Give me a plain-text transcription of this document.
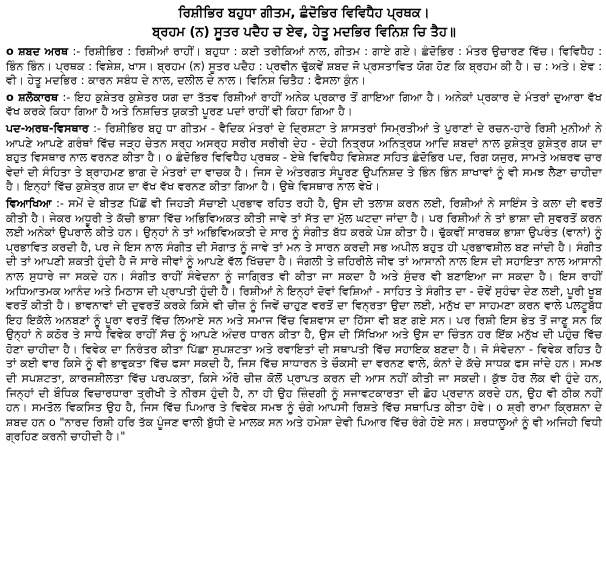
ਰਿਸ਼ੀਭਿਰ ਬਹੁਧਾ ਗੀਤਮ, ਛੰਦੋਭਿਰ ਵਿਵਿਧੈਹ ਪ੍ਰਥਕ।
ਬ੍ਰਹਮ (ਨ) ਸੂਤਰ ਪਦੈਹ ਚ ਏਵ, ਹੇਤੂ ਮਦਭਿਰ ਵਿਨਿਸ਼ ਚਿ ਤੈਹ॥

o ਸ਼ਬਦ ਅਰਥ :- ਰਿਸ਼ੀਭਿਰ : ਰਿਸ਼ੀਆਂ ਰਾਹੀਂ। ਬਹੁਧਾ : ਕਈ ਤਰੀਕਿਆਂ ਨਾਲ, ਗੀਤਮ : ਗਾਏ ਗਏ। ਛੰਦੋਭਿਰ : ਮੰਤਰ ਉਚਾਰਣ ਵਿੱਚ। ਵਿਵਿਧੈਹ : ਭਿੰਨ ਭਿੰਨ। ਪ੍ਰਥਕ : ਵਿਸ਼ੇਸ਼, ਖਾਸ। ਬ੍ਰਹਮ (ਨ) ਸੂਤਰ ਪਦੈਹ : ਪ੍ਰਵੀਨ ਢੁੱਕਵੇਂ ਸ਼ਬਦ ਜੋ ਪ੍ਰਸਤਾਵਿਤ ਯੋਗ ਹੋਣ ਕਿ ਬ੍ਰਹਮ ਕੀ ਹੈ। ਚ : ਅਤੇ। ਏਵ : ਵੀ। ਹੇਤੂ ਮਦਭਿਰ : ਕਾਰਨ ਸਬੰਧ ਦੇ ਨਾਲ, ਦਲੀਲ ਦੇ ਨਾਲ। ਵਿਨਿਸ਼ ਚਿਤੈਹ : ਫੈਸਲਾ ਕੁੰਨ।

o ਸ਼ਲੋਕਾਰਥ :- ਇਹ ਕੁਸ਼ੇਤਰ ਕੁਸ਼ੇਤਰ ਯਗ ਦਾ ਤੱਤਵ ਰਿਸ਼ੀਆਂ ਰਾਹੀਂ ਅਨੇਕ ਪ੍ਰਕਾਰ ਤੋਂ ਗਾਇਆ ਗਿਆ ਹੈ। ਅਨੇਕਾਂ ਪ੍ਰਕਾਰ ਦੇ ਮੰਤਰਾਂ ਦੁਆਰਾ ਵੱਖ ਵੱਖ ਕਰਕੇ ਕਿਹਾ ਗਿਆ ਹੈ ਅਤੇ ਨਿਸ਼ਚਿਤ ਯੁਕਤੀ ਪੂਰਣ ਪਦਾਂ ਰਾਹੀਂ ਵੀ ਕਿਹਾ ਗਿਆ ਹੈ।

ਪਦ-ਅਰਥ-ਵਿਸਥਾਰ :- ਰਿਸ਼ੀਭਿਰ ਬਹੁ ਧਾ ਗੀਤਮ - ਵੈਦਿਕ ਮੰਤਰਾਂ ਦੇ ਦ੍ਰਿਸ਼ਟਾ ਤੇ ਸ਼ਾਸਤਰਾਂ ਸਿਮ੍ਰਤੀਆਂ ਤੇ ਪੁਰਾਣਾਂ ਦੇ ਰਚਨ-ਹਾਰੇ ਰਿਸ਼ੀ ਮੁਨੀਆਂ ਨੇ ਆਪਣੇ ਆਪਣੇ ਗਰੰਥਾਂ ਵਿੱਚ ਜੜ੍ਹ ਚੇਤਨ ਸਰ੍ਹ ਅਸਰ੍ਹ ਸਰੀਰ ਸਰੀਰੀ ਦੇਹ - ਦੇਹੀ ਨਿਤ੍ਰਯ ਅਨਿਤ੍ਰਯ ਆਦਿ ਸ਼ਬਦਾਂ ਨਾਲ ਕੁਸ਼ੇਤ੍ਰ ਕੁਸ਼ੇਤ੍ਰ ਗਯ ਦਾ ਬਹੁਤ ਵਿਸਥਾਰ ਨਾਲ ਵਰਨਣ ਕੀਤਾ ਹੈ। o ਛੰਦੋਭਿਰ ਵਿਵਿਧੈਹ ਪ੍ਰਥਕ - ਏਥੇ ਵਿਵਿਧੈਹ ਵਿਸ਼ੇਸ਼ਣ ਸਹਿਤ ਛੰਦੋਭਿਰ ਪਦ, ਰਿਗ ਯਜੁਰ, ਸਾਮਤੇ ਅਥਰਵ ਚਾਰ ਵੇਦਾਂ ਦੀ ਸੰਹਿਤਾ ਤੇ ਬ੍ਰਾਹਮਣ ਭਾਗ ਦੇ ਮੰਤਰਾਂ ਦਾ ਵਾਚਕ ਹੈ। ਜਿਸ ਦੇ ਅੰਤਰਗਤ ਸੰਪੂਰਣ ਉਪਨਿਸ਼ਦ ਤੇ ਭਿੰਨ ਭਿੰਨ ਸ਼ਾਖਾਵਾਂ ਨੂੰ ਵੀ ਸਮਝ ਲੈਣਾ ਚਾਹੀਦਾ ਹੈ। ਇਨ੍ਹਾਂ ਵਿੱਚ ਕੁਸ਼ੇਤ੍ਰ ਗਯ ਦਾ ਵੱਖ ਵੱਖ ਵਰਨਣ ਕੀਤਾ ਗਿਆ ਹੈ। ਉਥੇ ਵਿਸਥਾਰ ਨਾਲ ਵੇਖੋ।

ਵਿਆਖਿਆ :- ਸਮੇਂ ਦੇ ਬੀਤਣ ਪਿੱਛੋਂ ਵੀ ਜਿਹੜੀ ਸੱਚਾਈ ਪ੍ਰਭਾਵ ਰਹਿਤ ਰਹੀ ਹੈ, ਉਸ ਦੀ ਤਲਾਸ਼ ਕਰਨ ਲਈ, ਰਿਸ਼ੀਆਂ ਨੇ ਸਾਇੰਸ ਤੇ ਕਲਾ ਦੀ ਵਰਤੋਂ ਕੀਤੀ ਹੈ। ਜੇਕਰ ਅਧੂਰੀ ਤੇ ਕੱਚੀ ਭਾਸ਼ਾ ਵਿੱਚ ਅਭਿਵਿਅਕਤ ਕੀਤੀ ਜਾਵੇ ਤਾਂ ਸੱਤ ਦਾ ਮੁੱਲ ਘਟਦਾ ਜਾਂਦਾ ਹੈ। ਪਰ ਰਿਸ਼ੀਆਂ ਨੇ ਤਾਂ ਭਾਸ਼ਾ ਦੀ ਸੁਵਰਤੋਂ ਕਰਨ ਲਈ ਅਨੇਕਾਂ ਉਪਰਾਲੇ ਕੀਤੇ ਹਨ। ਉਨ੍ਹਾਂ ਨੇ ਤਾਂ ਅਭਿਵਿਅਕਤੀ ਦੇ ਸਾਰ ਨੂੰ ਸੰਗੀਤ ਬੱਧ ਕਰਕੇ ਪੇਸ਼ ਕੀਤਾ ਹੈ। ਢੁੱਕਵੀਂ ਸਾਰਥਕ ਭਾਸ਼ਾ ਉਪਰੰਤ (ਵਾਨਾਂ) ਨੂੰ ਪ੍ਰਭਾਵਿਤ ਕਰਦੀ ਹੈ, ਪਰ ਜੇ ਇਸ ਨਾਲ ਸੰਗੀਤ ਦੀ ਸੋਗਾਤ ਨੂੰ ਜਾਵੇ ਤਾਂ ਮਨ ਤੇ ਸਾਰਨ ਕਰਦੀ ਸਭ ਅਪੀਲ ਬਹੁਤ ਹੀ ਪ੍ਰਭਾਵਸ਼ੀਲ ਬਣ ਜਾਂਦੀ ਹੈ। ਸੰਗੀਤ ਦੀ ਤਾਂ ਆਪਣੀ ਸ਼ਕਤੀ ਹੁੰਦੀ ਹੈ ਜੋ ਸਾਰੇ ਜੀਵਾਂ ਨੂੰ ਆਪਣੇ ਵੱਲ ਖਿੱਚਦਾ ਹੈ। ਜੰਗਲੀ ਤੇ ਜ਼ਹਿਰੀਲੇ ਜੀਵ ਤਾਂ ਆਸਾਨੀ ਨਾਲ ਇਸ ਦੀ ਸਹਾਇਤਾ ਨਾਲ ਆਸਾਨੀ ਨਾਲ ਸੁਧਾਰੇ ਜਾ ਸਕਦੇ ਹਨ। ਸੰਗੀਤ ਰਾਹੀਂ ਸੰਵੇਦਨਾ ਨੂੰ ਜਾਗ੍ਰਿਤ ਵੀ ਕੀਤਾ ਜਾ ਸਕਦਾ ਹੈ ਅਤੇ ਸੁੰਦਰ ਵੀ ਬਣਾਇਆ ਜਾ ਸਕਦਾ ਹੈ। ਇਸ ਰਾਹੀਂ ਅਧਿਆਤਮਕ ਆਨੰਦ ਅਤੇ ਮਿਠਾਸ ਦੀ ਪ੍ਰਾਪਤੀ ਹੁੰਦੀ ਹੈ। ਰਿਸ਼ੀਆਂ ਨੇ ਇਨ੍ਹਾਂ ਦੋਵਾਂ ਵਿਸ਼ਿਆਂ - ਸਾਹਿਤ ਤੇ ਸੰਗੀਤ ਦਾ - ਦੋਵੇਂ ਸੁਹੰਢਾ ਦੇਣ ਲਈ, ਪੂਰੀ ਖੂਬ ਵਰਤੋਂ ਕੀਤੀ ਹੈ। ਭਾਵਨਾਵਾਂ ਦੀ ਦੁਵਰਤੋਂ ਕਰਕੇ ਕਿਸੇ ਵੀ ਚੀਜ਼ ਨੂੰ ਜਿਵੇਂ ਚਾਹੁਣ ਵਰਤੋਂ ਦਾ ਵਿਨ੍ਰਤਾ ਉਦਾ ਲਈ, ਮਨੁੱਖ ਦਾ ਸਾਹਮਣਾ ਕਰਨ ਵਾਲੇ ਪਲਟੂਬੱਧ ਇਹ ਇਕੱਲੇ ਅਨਬਣਾਂ ਨੂੰ ਪੂਰਾ ਵਰਤੋਂ ਵਿੱਚ ਲਿਆਏ ਸਨ ਅਤੇ ਸਮਾਜ ਵਿੱਚ ਵਿਸ਼ਵਾਸ ਦਾ ਹਿੱਸਾ ਵੀ ਬਣ ਗਏ ਸਨ। ਪਰ ਰਿਸ਼ੀ ਇਸ ਭੇਤ ਤੋਂ ਜਾਣੂ ਸਨ ਕਿ ਉਨ੍ਹਾਂ ਨੇ ਕਠੋਰ ਤੇ ਸਾਧੇ ਵਿਵੇਕ ਰਾਹੀਂ ਸੱਚ ਨੂੰ ਆਪਣੇ ਅੰਦਰ ਧਾਰਨ ਕੀਤਾ ਹੈ, ਉਸ ਦੀ ਸਿੱਖਿਆ ਅਤੇ ਉਸ ਦਾ ਚਿੰਤਨ ਹਰ ਇੱਕ ਮਨੁੱਖ ਦੀ ਪਹੁੰਚ ਵਿੱਚ ਹੋਣਾ ਚਾਹੀਦਾ ਹੈ। ਵਿਵੇਕ ਦਾ ਨਿਰੰਤਰ ਕੀਤਾ ਪਿੱਛਾ ਸੁਪਸ਼ਟਤਾ ਅਤੇ ਰਵਾਇਤਾਂ ਦੀ ਸਥਾਪਤੀ ਵਿੱਚ ਸਹਾਇਕ ਬਣਦਾ ਹੈ। ਜੋ ਸੰਵੇਦਨਾ - ਵਿਵੇਕ ਰਹਿਤ ਹੈ ਤਾਂ ਕਈ ਵਾਰ ਕਿਸੇ ਨੂੰ ਵੀ ਭਾਵੁਕਤਾ ਵਿੱਚ ਫਸਾ ਸਕਦੀ ਹੈ, ਜਿਸ ਵਿੱਚ ਸਾਧਾਰਨ ਤੇ ਚੌਕਸੀ ਦਾ ਵਰਨਣ ਵਾਲੇ, ਕੰਨਾਂ ਦੇ ਕੱਚੇ ਸਾਧਕ ਫਸ ਜਾਂਦੇ ਹਨ। ਸਮਝ ਦੀ ਸਪਸ਼ਟਤਾ, ਕਾਰਜਸ਼ੀਲਤਾ ਵਿੱਚ ਪਰਪਕਤਾ, ਕਿਸੇ ਔਰੋ ਚੀਜ਼ ਕੋਲੋਂ ਪ੍ਰਾਪਤ ਕਰਨ ਦੀ ਆਸ ਨਹੀਂ ਕੀਤੀ ਜਾ ਸਕਦੀ। ਕੁੱਝ ਹੋਰ ਲੋਕ ਵੀ ਹੁੰਦੇ ਹਨ, ਜਿਨ੍ਹਾਂ ਦੀ ਬੌਧਿਕ ਵਿਚਾਰਧਾਰਾ ਤ੍ਰੀਖੀ ਤੇ ਨੀਰਸ ਹੁੰਦੀ ਹੈ, ਨਾ ਹੀ ਉਹ ਜ਼ਿੰਦਗੀ ਨੂੰ ਸਜਾਵਟਕਾਰਤਾ ਦੀ ਛੋਹ ਪ੍ਰਦਾਨ ਕਰਦੇ ਹਨ, ਉਹ ਵੀ ਠੀਕ ਨਹੀਂ ਹਨ। ਸਮਤੋਲ ਵਿਕਸਿਤ ਉਹ ਹੈ, ਜਿਸ ਵਿੱਚ ਪਿਆਰ ਤੇ ਵਿਵੇਕ ਸਮਝ ਨੂੰ ਚੰਗੇ ਆਪਸੀ ਰਿਸ਼ਤੇ ਵਿੱਚ ਸਥਾਪਿਤ ਕੀਤਾ ਹੋਵੇ। o ਸ਼੍ਰੀ ਰਾਮਾ ਕ੍ਰਿਸ਼ਨਾ ਦੇ ਸ਼ਬਦ ਹਨ o "ਨਾਰਦ ਰਿਸ਼ੀ ਹਰਿ ਤੱਕ ਪੂੰਜਣ ਵਾਲੀ ਬੁੱਧੀ ਦੇ ਮਾਲਕ ਸਨ ਅਤੇ ਹਮੇਸ਼ਾ ਦੇਵੀ ਪਿਆਰ ਵਿੱਚ ਰੰਗੇ ਹੋਏ ਸਨ। ਸ਼ਰਧਾਲੂਆਂ ਨੂੰ ਵੀ ਅਜਿਹੀ ਵਿਧੀ ਗ੍ਰਹਿਣ ਕਰਨੀ ਚਾਹੀਦੀ ਹੈ।"
